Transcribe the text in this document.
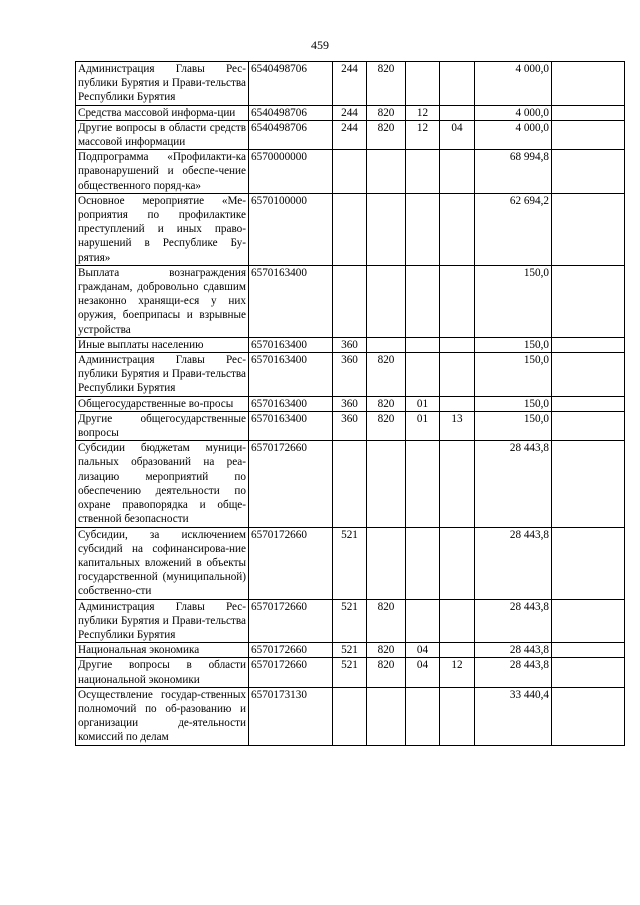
459
Администрация Главы Рес-публики Бурятия и Прави-тельства Республики Бурятия	6540498706	244	820			4 000,0	
Средства массовой информа-ции	6540498706	244	820	12		4 000,0	
Другие вопросы в области средств массовой информации	6540498706	244	820	12	04	4 000,0	
Подпрограмма «Профилакти-ка правонарушений и обеспе-чение общественного поряд-ка»	6570000000					68 994,8	
Основное мероприятие «Ме-роприятия по профилактике преступлений и иных право-нарушений в Республике Бу-рятия»	6570100000					62 694,2	
Выплата вознаграждения гражданам, добровольно сдавшим незаконно хранящи-еся у них оружия, боеприпасы и взрывные устройства	6570163400					150,0	
Иные выплаты населению	6570163400	360				150,0	
Администрация Главы Рес-публики Бурятия и Прави-тельства Республики Бурятия	6570163400	360	820			150,0	
Общегосударственные во-просы	6570163400	360	820	01		150,0	
Другие общегосударственные вопросы	6570163400	360	820	01	13	150,0	
Субсидии бюджетам муници-пальных образований на реа-лизацию мероприятий по обеспечению деятельности по охране правопорядка и обще-ственной безопасности	6570172660					28 443,8	
Субсидии, за исключением субсидий на софинансирова-ние капитальных вложений в объекты государственной (муниципальной) собственно-сти	6570172660	521				28 443,8	
Администрация Главы Рес-публики Бурятия и Прави-тельства Республики Бурятия	6570172660	521	820			28 443,8	
Национальная экономика	6570172660	521	820	04		28 443,8	
Другие вопросы в области национальной экономики	6570172660	521	820	04	12	28 443,8	
Осуществление государ-ственных полномочий по об-разованию и организации де-ятельности комиссий по делам	6570173130					33 440,4	
